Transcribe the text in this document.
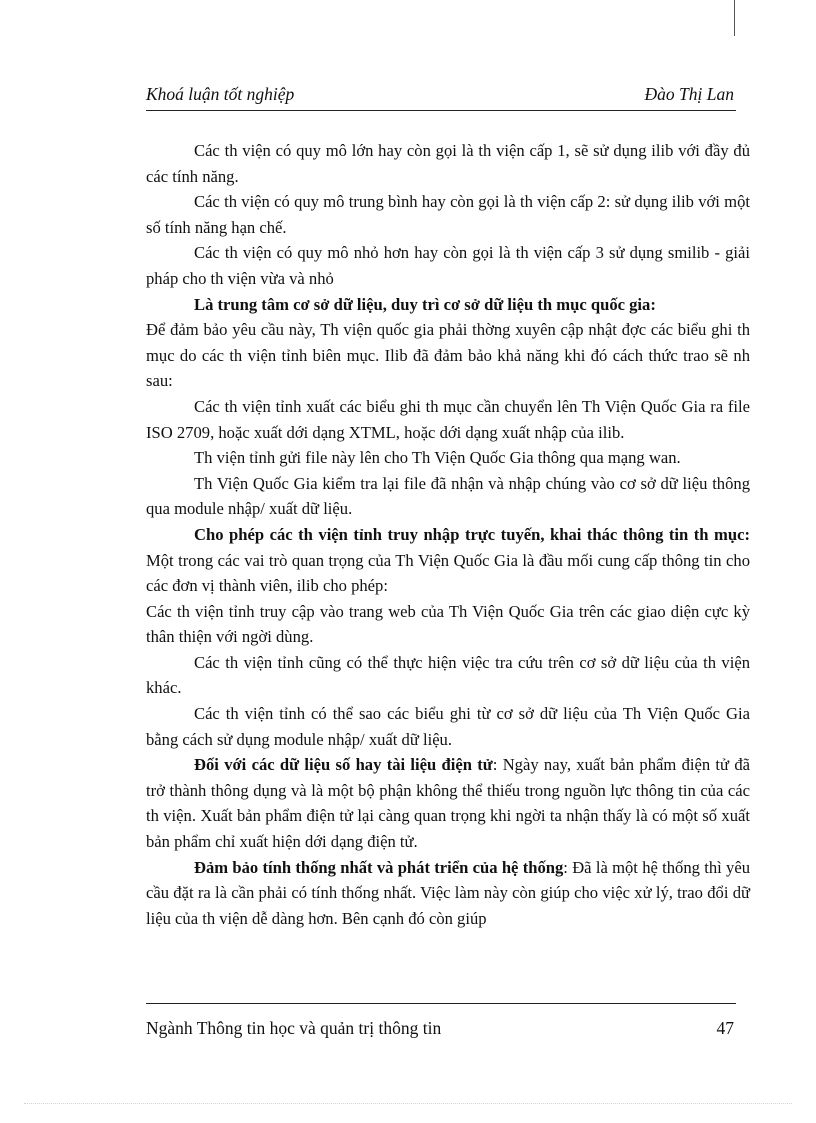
Khoá luận tốt nghiệp	Đào Thị Lan

Các th viện có quy mô lớn hay còn gọi là th viện cấp 1, sẽ sử dụng ilib với đầy đủ các tính năng.

Các th viện có quy mô trung bình hay còn gọi là th viện cấp 2: sử dụng ilib với một số tính năng hạn chế.

Các th viện có quy mô nhỏ hơn hay còn gọi là th viện cấp 3 sử dụng smilib - giải pháp cho th viện vừa và nhỏ

Là trung tâm cơ sở dữ liệu, duy trì cơ sở dữ liệu th mục quốc gia:

Để đảm bảo yêu cầu này, Th viện quốc gia phải thờng xuyên cập nhật đợc các biểu ghi th mục do các th viện tỉnh biên mục. Ilib đã đảm bảo khả năng khi đó cách thức trao sẽ nh sau:

Các th viện tỉnh xuất các biểu ghi th mục cần chuyển lên Th Viện Quốc Gia ra file ISO 2709, hoặc xuất dới dạng XTML, hoặc dới dạng xuất nhập của ilib.

Th viện tỉnh gửi file này lên cho Th Viện Quốc Gia thông qua mạng wan.

Th Viện Quốc Gia kiểm tra lại file đã nhận và nhập chúng vào cơ sở dữ liệu thông qua module nhập/ xuất dữ liệu.

Cho phép các th viện tỉnh truy nhập trực tuyến, khai thác thông tin th mục: Một trong các vai trò quan trọng của Th Viện Quốc Gia là đầu mối cung cấp thông tin cho các đơn vị thành viên, ilib cho phép:

Các th viện tỉnh truy cập vào trang web của Th Viện Quốc Gia trên các giao diện cực kỳ thân thiện với ngời dùng.

Các th viện tỉnh cũng có thể thực hiện việc tra cứu trên cơ sở dữ liệu của th viện khác.

Các th viện tỉnh có thể sao các biểu ghi từ cơ sở dữ liệu của Th Viện Quốc Gia bằng cách sử dụng module nhập/ xuất dữ liệu.

Đối với các dữ liệu số hay tài liệu điện tử: Ngày nay, xuất bản phẩm điện tử đã trở thành thông dụng và là một bộ phận không thể thiếu trong nguồn lực thông tin của các th viện. Xuất bản phẩm điện tử lại càng quan trọng khi ngời ta nhận thấy là có một số xuất bản phẩm chỉ xuất hiện dới dạng điện tử.

Đảm bảo tính thống nhất và phát triển của hệ thống: Đã là một hệ thống thì yêu cầu đặt ra là cần phải có tính thống nhất. Việc làm này còn giúp cho việc xử lý, trao đổi dữ liệu của th viện dễ dàng hơn. Bên cạnh đó còn giúp

Ngành Thông tin học và quản trị thông tin	47
